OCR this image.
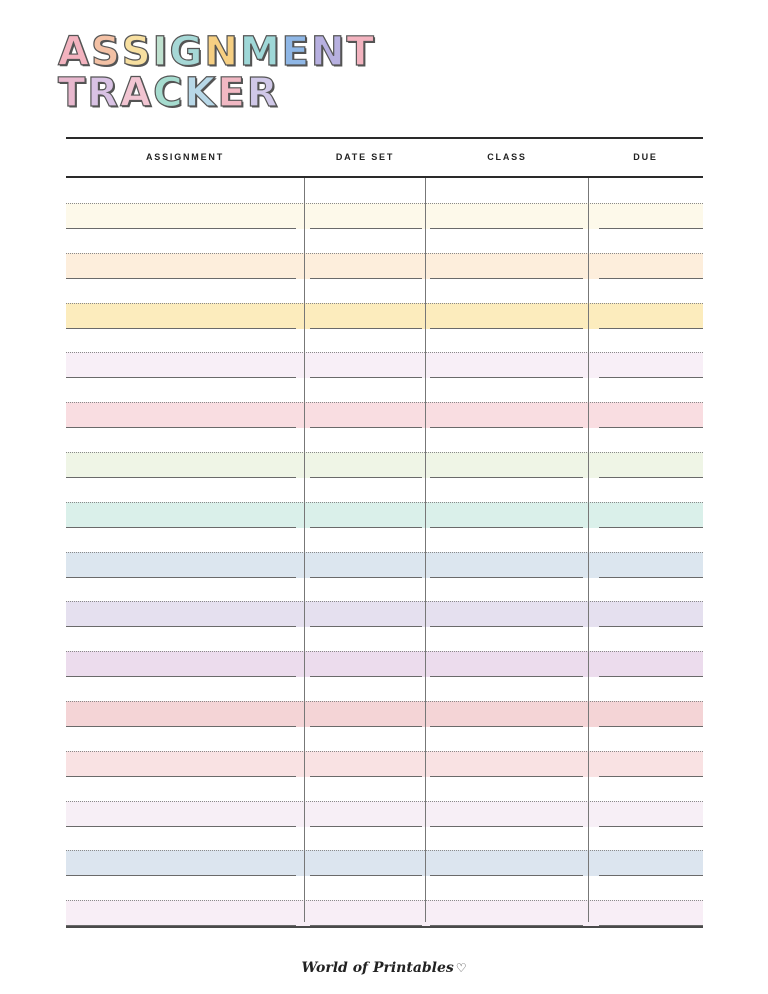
A S S I G N M E N T
T R A C K E R

ASSIGNMENT	DATE SET	CLASS	DUE

World of Printables ♡
